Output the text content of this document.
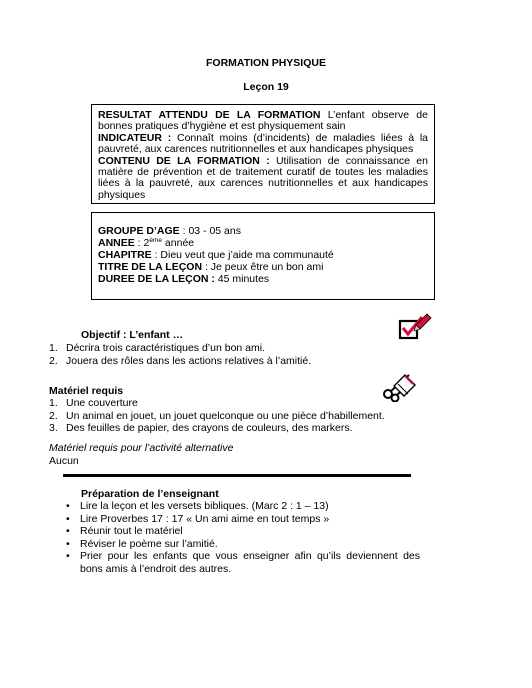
FORMATION PHYSIQUE
Leçon 19

RESULTAT ATTENDU DE LA FORMATION L’enfant observe de bonnes pratiques d’hygiène et est physiquement sain

INDICATEUR : Connaît moins (d’incidents) de maladies liées à la pauvreté, aux carences nutritionnelles et aux handicapes physiques

CONTENU DE LA FORMATION : Utilisation de connaissance en matière de prévention et de traitement curatif de toutes les maladies liées à la pauvreté, aux carences nutritionnelles et aux handicapes physiques

GROUPE D’AGE : 03 - 05 ans

ANNEE : 2ème année

CHAPITRE : Dieu veut que j’aide ma communauté

TITRE DE LA LEÇON : Je peux être un bon ami

DUREE DE LA LEÇON : 45 minutes

Objectif : L’enfant …
1. Décrira trois caractéristiques d’un bon ami.
2. Jouera des rôles dans les actions relatives à l’amitié.
Matériel requis
1. Une couverture
2. Un animal en jouet, un jouet quelconque ou une pièce d’habillement.
3. Des feuilles de papier, des crayons de couleurs, des markers.
Matériel requis pour l’activité alternative
Aucun
Préparation de l’enseignant
• Lire la leçon et les versets bibliques. (Marc 2 : 1 – 13)
• Lire Proverbes 17 : 17 « Un ami aime en tout temps »
• Réunir tout le matériel
• Réviser le poème sur l’amitié.
• Prier pour les enfants que vous enseigner afin qu’ils deviennent des bons amis à l’endroit des autres.
